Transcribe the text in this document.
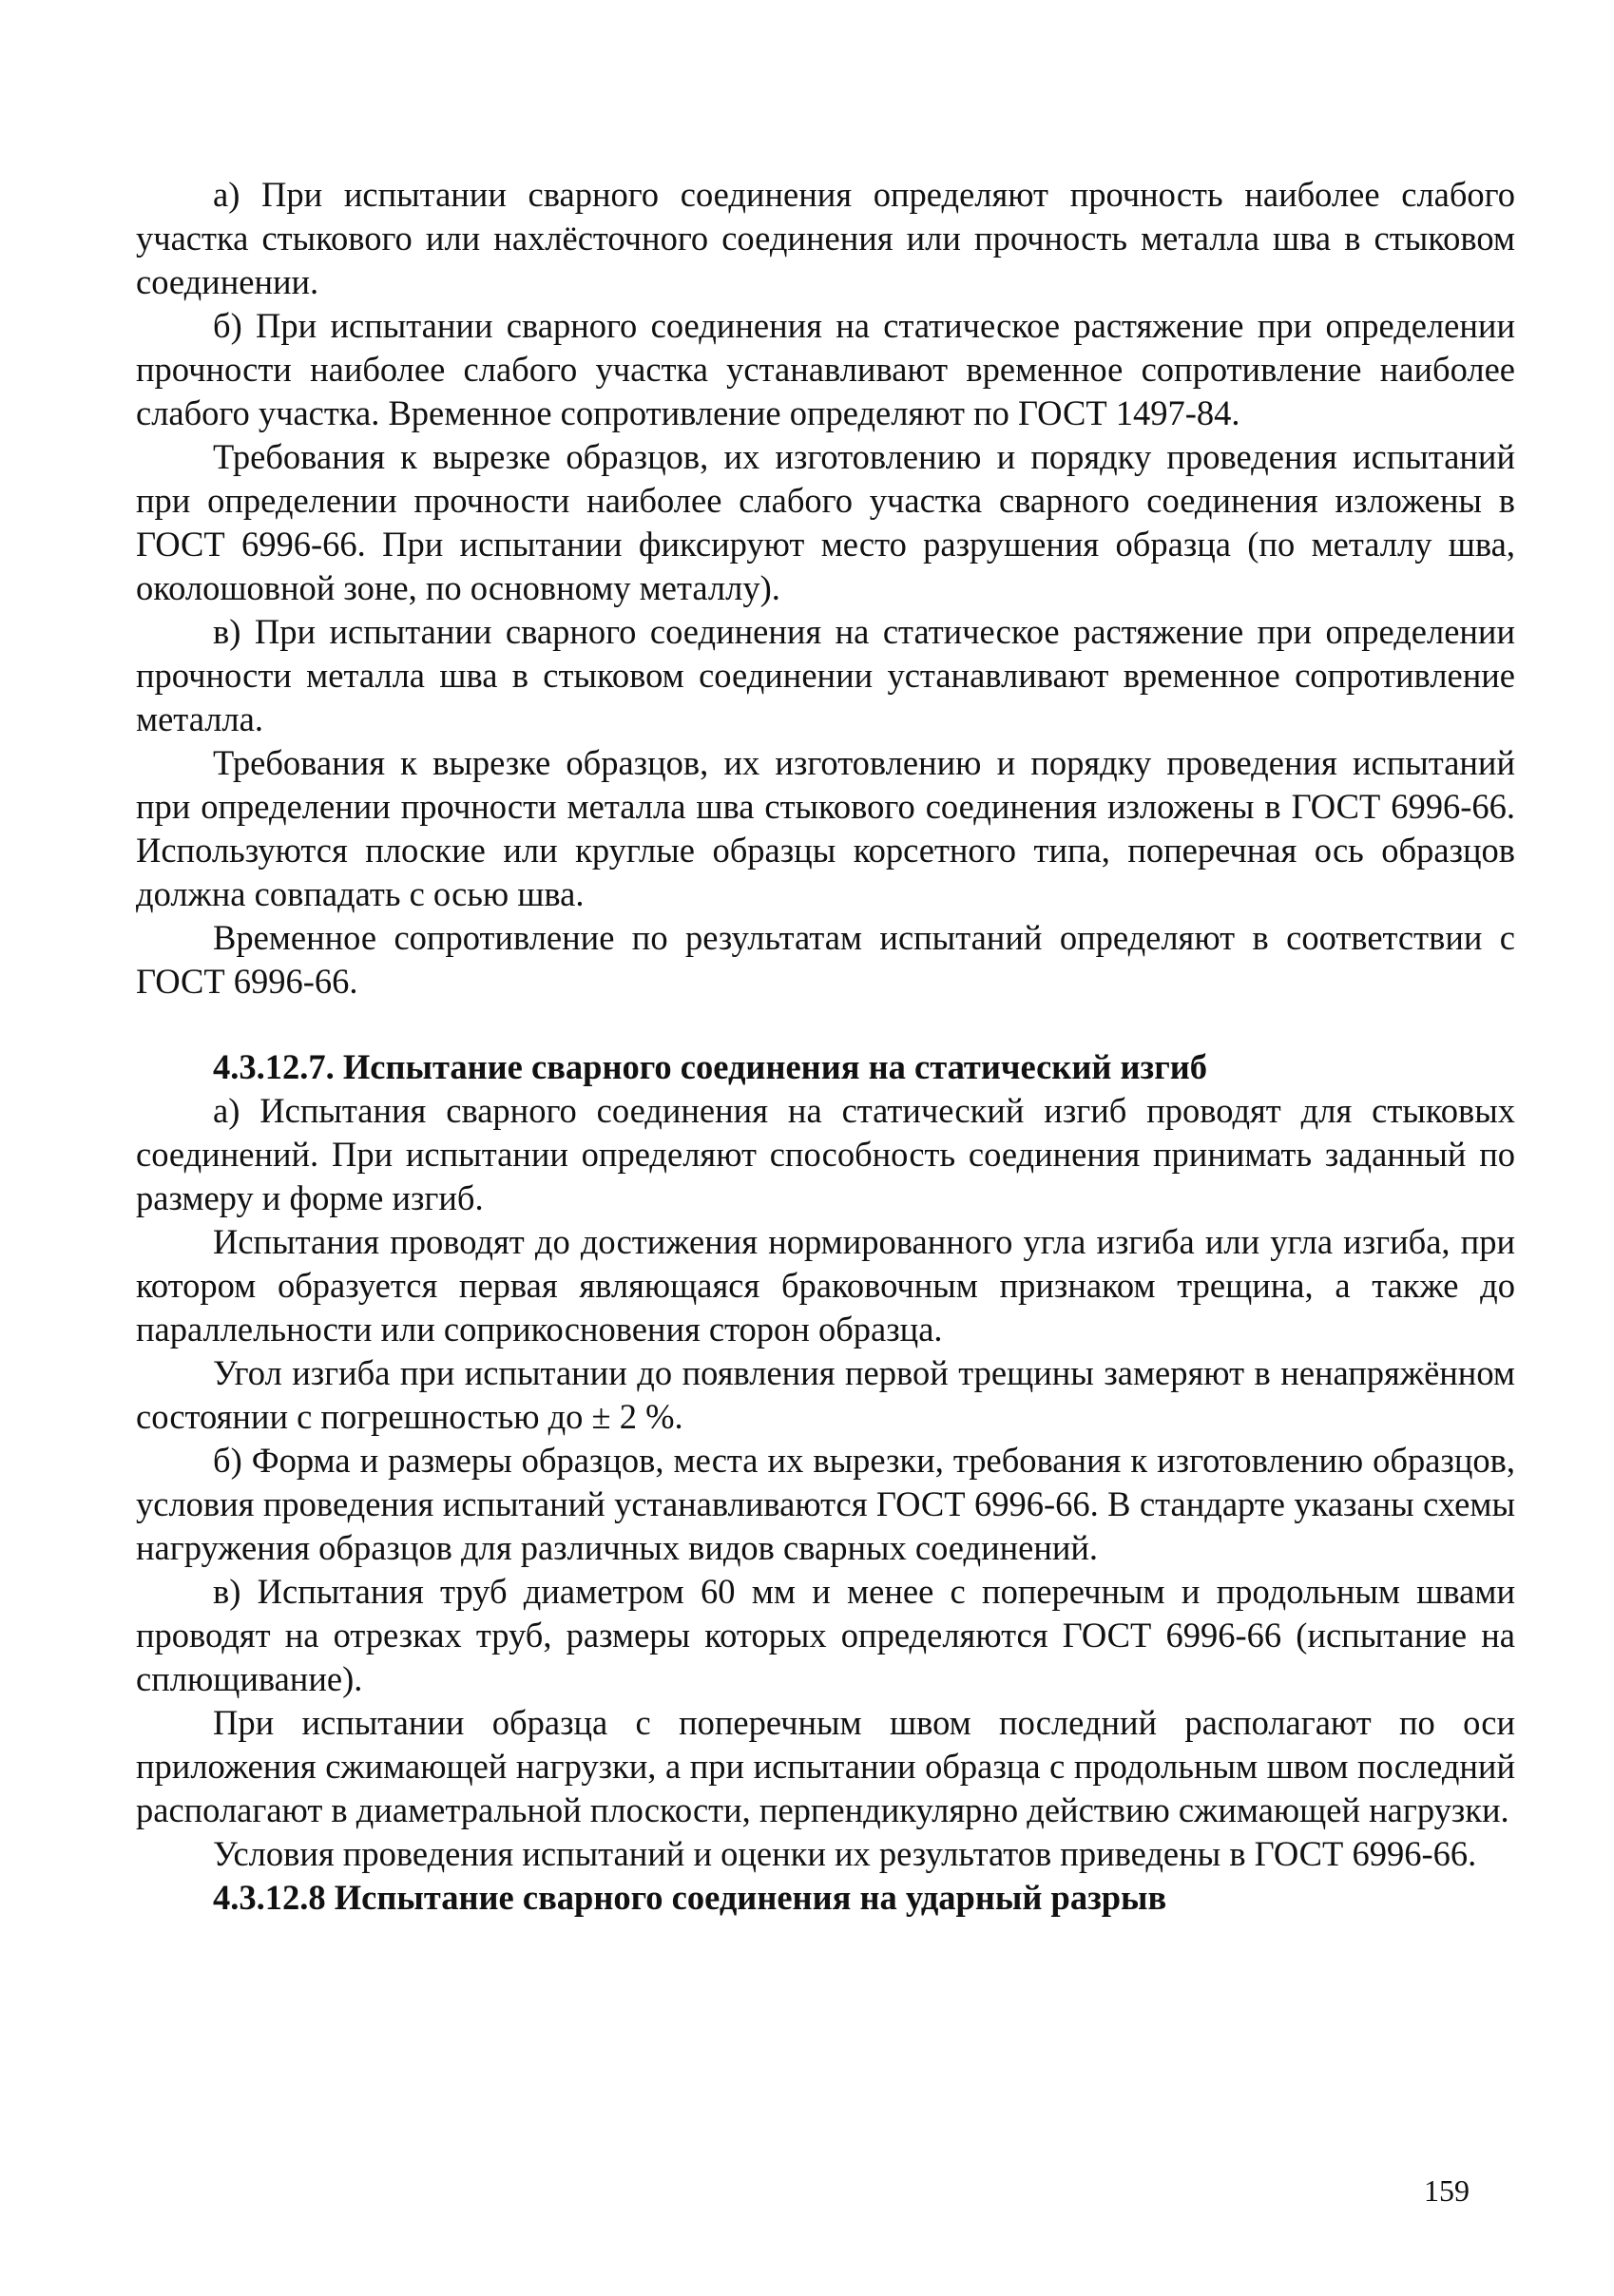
а) При испытании сварного соединения определяют прочность наиболее слабого участка стыкового или нахлёсточного соединения или прочность металла шва в стыковом соединении.

б) При испытании сварного соединения на статическое растяжение при определении прочности наиболее слабого участка устанавливают временное сопротивление наиболее слабого участка. Временное сопротивление определяют по ГОСТ 1497-84.

Требования к вырезке образцов, их изготовлению и порядку проведения испытаний при определении прочности наиболее слабого участка сварного соединения изложены в ГОСТ 6996-66. При испытании фиксируют место разрушения образца (по металлу шва, околошовной зоне, по основному металлу).

в) При испытании сварного соединения на статическое растяжение при определении прочности металла шва в стыковом соединении устанавливают временное сопротивление металла.

Требования к вырезке образцов, их изготовлению и порядку проведения испытаний при определении прочности металла шва стыкового соединения изложены в ГОСТ 6996-66. Используются плоские или круглые образцы корсетного типа, поперечная ось образцов должна совпадать с осью шва.

Временное сопротивление по результатам испытаний определяют в соответствии с ГОСТ 6996-66.

4.3.12.7. Испытание сварного соединения на статический изгиб

а) Испытания сварного соединения на статический изгиб проводят для стыковых соединений. При испытании определяют способность соединения принимать заданный по размеру и форме изгиб.

Испытания проводят до достижения нормированного угла изгиба или угла изгиба, при котором образуется первая являющаяся браковочным признаком трещина, а также до параллельности или соприкосновения сторон образца.

Угол изгиба при испытании до появления первой трещины замеряют в ненапряжённом состоянии с погрешностью до ± 2 %.

б) Форма и размеры образцов, места их вырезки, требования к изготовлению образцов, условия проведения испытаний устанавливаются ГОСТ 6996-66. В стандарте указаны схемы нагружения образцов для различных видов сварных соединений.

в) Испытания труб диаметром 60 мм и менее с поперечным и продольным швами проводят на отрезках труб, размеры которых определяются ГОСТ 6996-66 (испытание на сплющивание).

При испытании образца с поперечным швом последний располагают по оси приложения сжимающей нагрузки, а при испытании образца с продольным швом последний располагают в диаметральной плоскости, перпендикулярно действию сжимающей нагрузки.

Условия проведения испытаний и оценки их результатов приведены в ГОСТ 6996-66.

4.3.12.8 Испытание сварного соединения на ударный разрыв
159
